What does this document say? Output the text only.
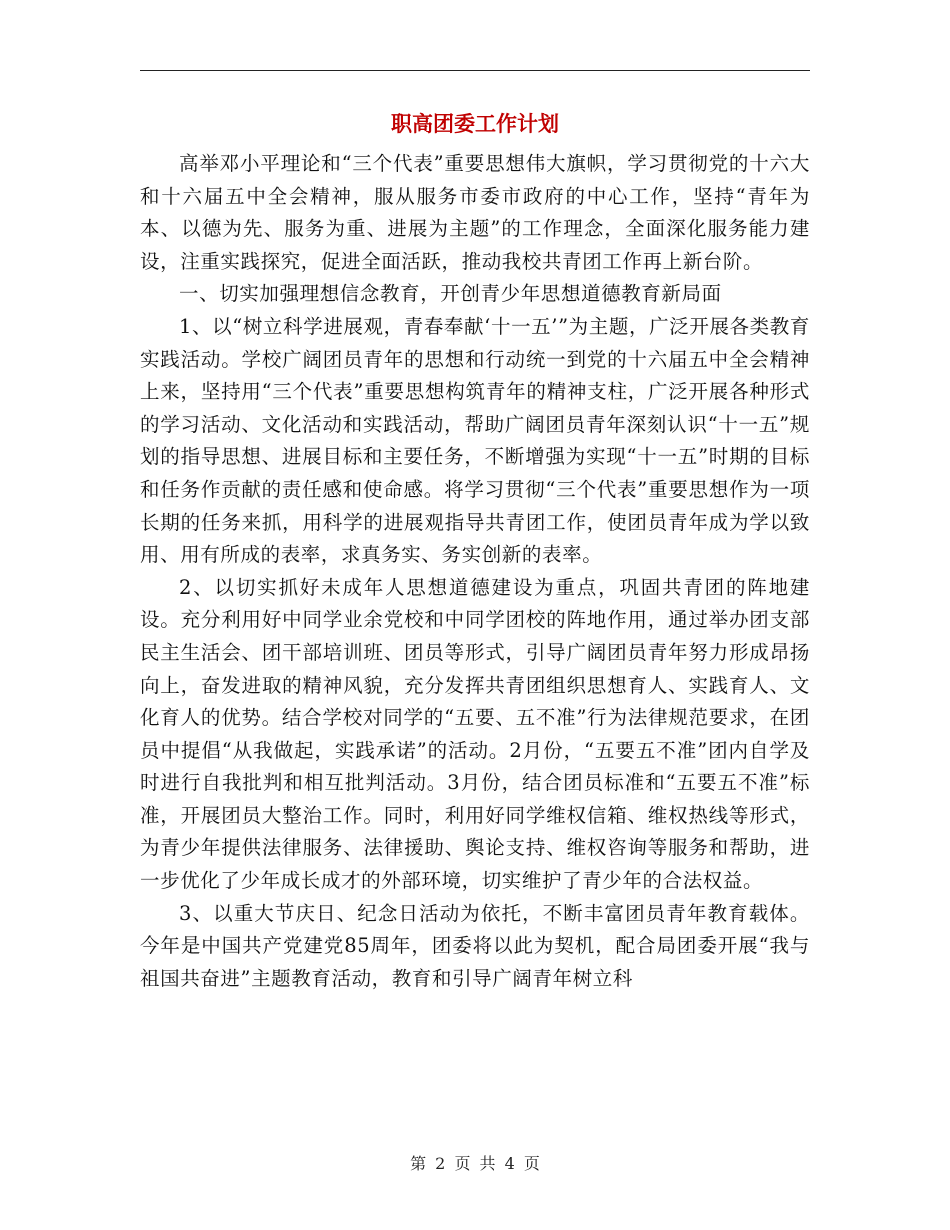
职高团委工作计划

高举邓小平理论和“三个代表”重要思想伟大旗帜，学习贯彻党的十六大和十六届五中全会精神，服从服务市委市政府的中心工作，坚持“青年为本、以德为先、服务为重、进展为主题”的工作理念，全面深化服务能力建设，注重实践探究，促进全面活跃，推动我校共青团工作再上新台阶。

一、切实加强理想信念教育，开创青少年思想道德教育新局面

1、以“树立科学进展观，青春奉献‘十一五’”为主题，广泛开展各类教育实践活动。学校广阔团员青年的思想和行动统一到党的十六届五中全会精神上来，坚持用“三个代表”重要思想构筑青年的精神支柱，广泛开展各种形式的学习活动、文化活动和实践活动，帮助广阔团员青年深刻认识“十一五”规划的指导思想、进展目标和主要任务，不断增强为实现“十一五”时期的目标和任务作贡献的责任感和使命感。将学习贯彻“三个代表”重要思想作为一项长期的任务来抓，用科学的进展观指导共青团工作，使团员青年成为学以致用、用有所成的表率，求真务实、务实创新的表率。

2、以切实抓好未成年人思想道德建设为重点，巩固共青团的阵地建设。充分利用好中同学业余党校和中同学团校的阵地作用，通过举办团支部民主生活会、团干部培训班、团员等形式，引导广阔团员青年努力形成昂扬向上，奋发进取的精神风貌，充分发挥共青团组织思想育人、实践育人、文化育人的优势。结合学校对同学的“五要、五不准”行为法律规范要求，在团员中提倡“从我做起，实践承诺”的活动。2月份，“五要五不准”团内自学及时进行自我批判和相互批判活动。3月份，结合团员标准和“五要五不准”标准，开展团员大整治工作。同时，利用好同学维权信箱、维权热线等形式，为青少年提供法律服务、法律援助、舆论支持、维权咨询等服务和帮助，进一步优化了少年成长成才的外部环境，切实维护了青少年的合法权益。

3、以重大节庆日、纪念日活动为依托，不断丰富团员青年教育载体。今年是中国共产党建党85周年，团委将以此为契机，配合局团委开展“我与祖国共奋进”主题教育活动，教育和引导广阔青年树立科

第 2 页 共 4 页
